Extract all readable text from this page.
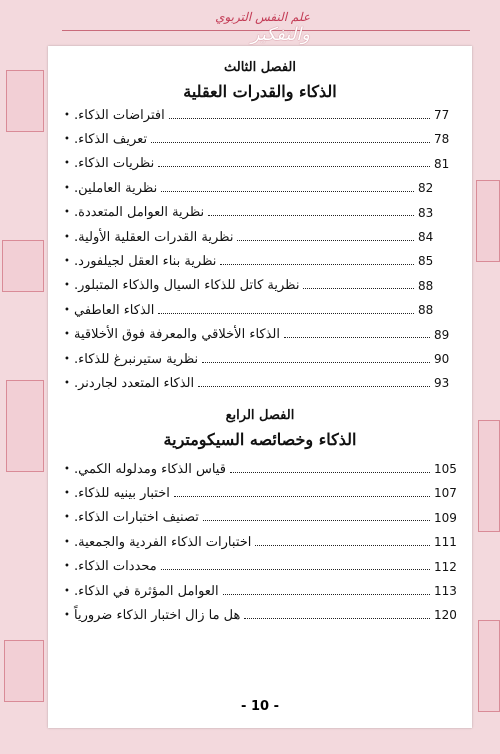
علم النفس التربوي
والتفكير
الفصل الثالث
الذكاء والقدرات العقلية
• افتراضات الذكاء.	77
• تعريف الذكاء.	78
• نظريات الذكاء.	81
• نظرية العاملين.	82
• نظرية العوامل المتعددة.	83
• نظرية القدرات العقلية الأولية.	84
• نظرية بناء العقل لجيلفورد.	85
• نظرية كاتل للذكاء السيال والذكاء المتبلور.	88
• الذكاء العاطفي	88
• الذكاء الأخلاقي والمعرفة فوق الأخلاقية	89
• نظرية ستيرنبرغ للذكاء.	90
• الذكاء المتعدد لجاردنر.	93
الفصل الرابع
الذكاء وخصائصه السيكومترية
• قياس الذكاء ومدلوله الكمي.	105
• اختبار بينيه للذكاء.	107
• تصنيف اختبارات الذكاء.	109
• اختبارات الذكاء الفردية والجمعية.	111
• محددات الذكاء.	112
• العوامل المؤثرة في الذكاء.	113
• هل ما زال اختبار الذكاء ضرورياً	120
- 10 -
